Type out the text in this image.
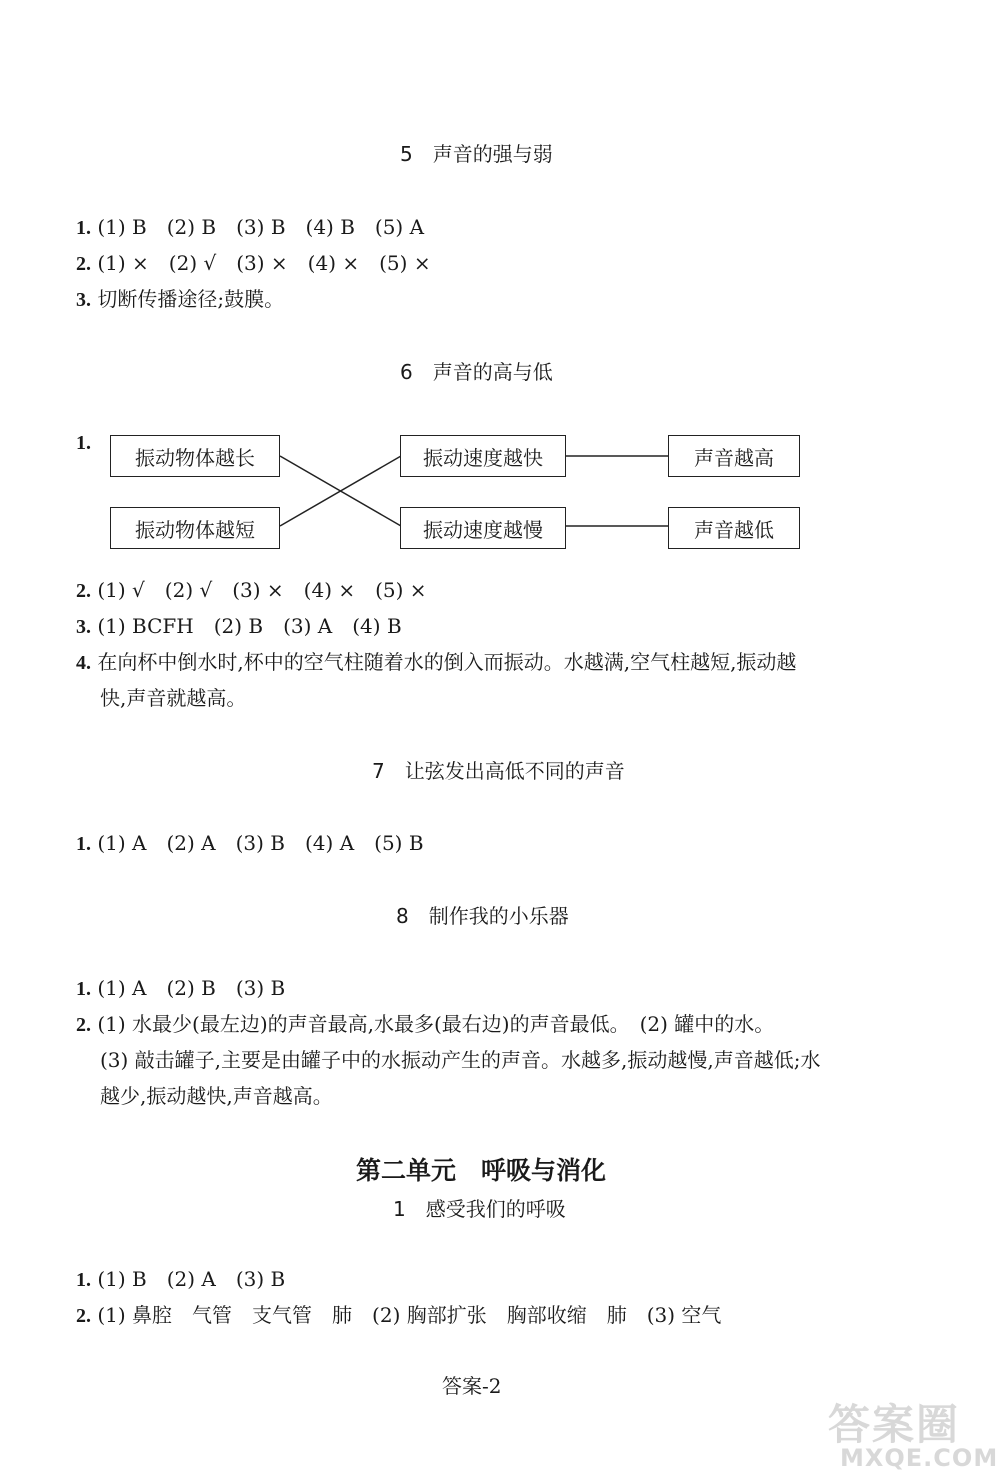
5　声音的强与弱
1. (1) B　(2) B　(3) B　(4) B　(5) A
2. (1) ×　(2) √　(3) ×　(4) ×　(5) ×
3. 切断传播途径;鼓膜。
6　声音的高与低
1.
振动物体越长
振动物体越短
振动速度越快
振动速度越慢
声音越高
声音越低
2. (1) √　(2) √　(3) ×　(4) ×　(5) ×
3. (1) BCFH　(2) B　(3) A　(4) B
4. 在向杯中倒水时,杯中的空气柱随着水的倒入而振动。水越满,空气柱越短,振动越
快,声音就越高。
7　让弦发出高低不同的声音
1. (1) A　(2) A　(3) B　(4) A　(5) B
8　制作我的小乐器
1. (1) A　(2) B　(3) B
2. (1) 水最少(最左边)的声音最高,水最多(最右边)的声音最低。　(2) 罐中的水。
(3) 敲击罐子,主要是由罐子中的水振动产生的声音。水越多,振动越慢,声音越低;水
越少,振动越快,声音越高。
第二单元　呼吸与消化
1　感受我们的呼吸
1. (1) B　(2) A　(3) B
2. (1) 鼻腔　气管　支气管　肺　(2) 胸部扩张　胸部收缩　肺　(3) 空气
答案-2
答案圈
MXQE.COM
